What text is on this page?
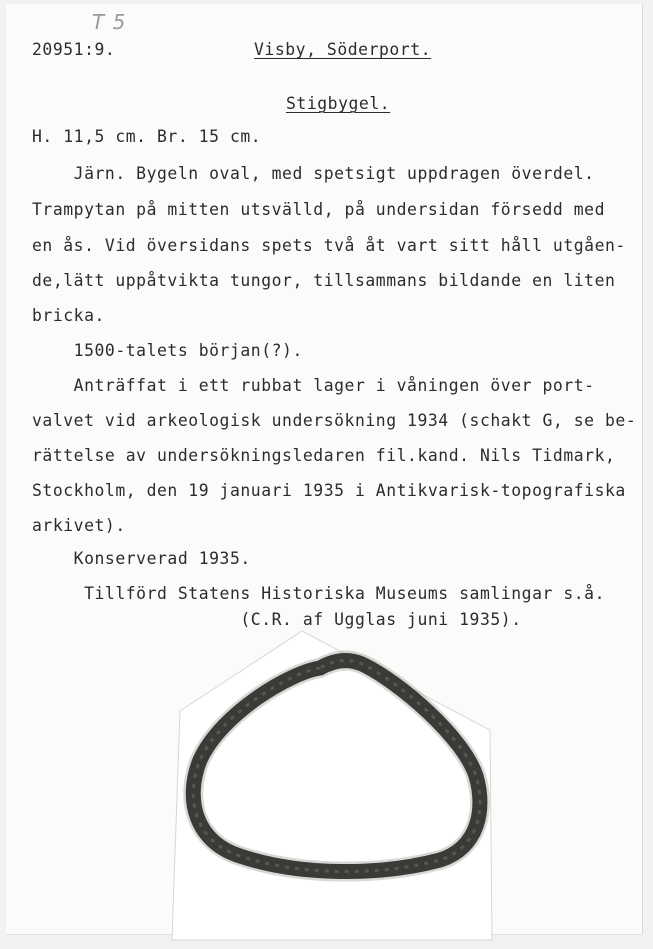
T 5
20951:9.	Visby, Söderport.
Stigbygel.
H. 11,5 cm. Br. 15 cm.
Järn. Bygeln oval, med spetsigt uppdragen överdel.
Trampytan på mitten utsvälld, på undersidan försedd med
en ås. Vid översidans spets två åt vart sitt håll utgåen-
de,lätt uppåtvikta tungor, tillsammans bildande en liten
bricka.
1500-talets början(?).
Anträffat i ett rubbat lager i våningen över port-
valvet vid arkeologisk undersökning 1934 (schakt G, se be-
rättelse av undersökningsledaren fil.kand. Nils Tidmark,
Stockholm, den 19 januari 1935 i Antikvarisk-topografiska
arkivet).
Konserverad 1935.
Tillförd Statens Historiska Museums samlingar s.å.
(C.R. af Ugglas juni 1935).
